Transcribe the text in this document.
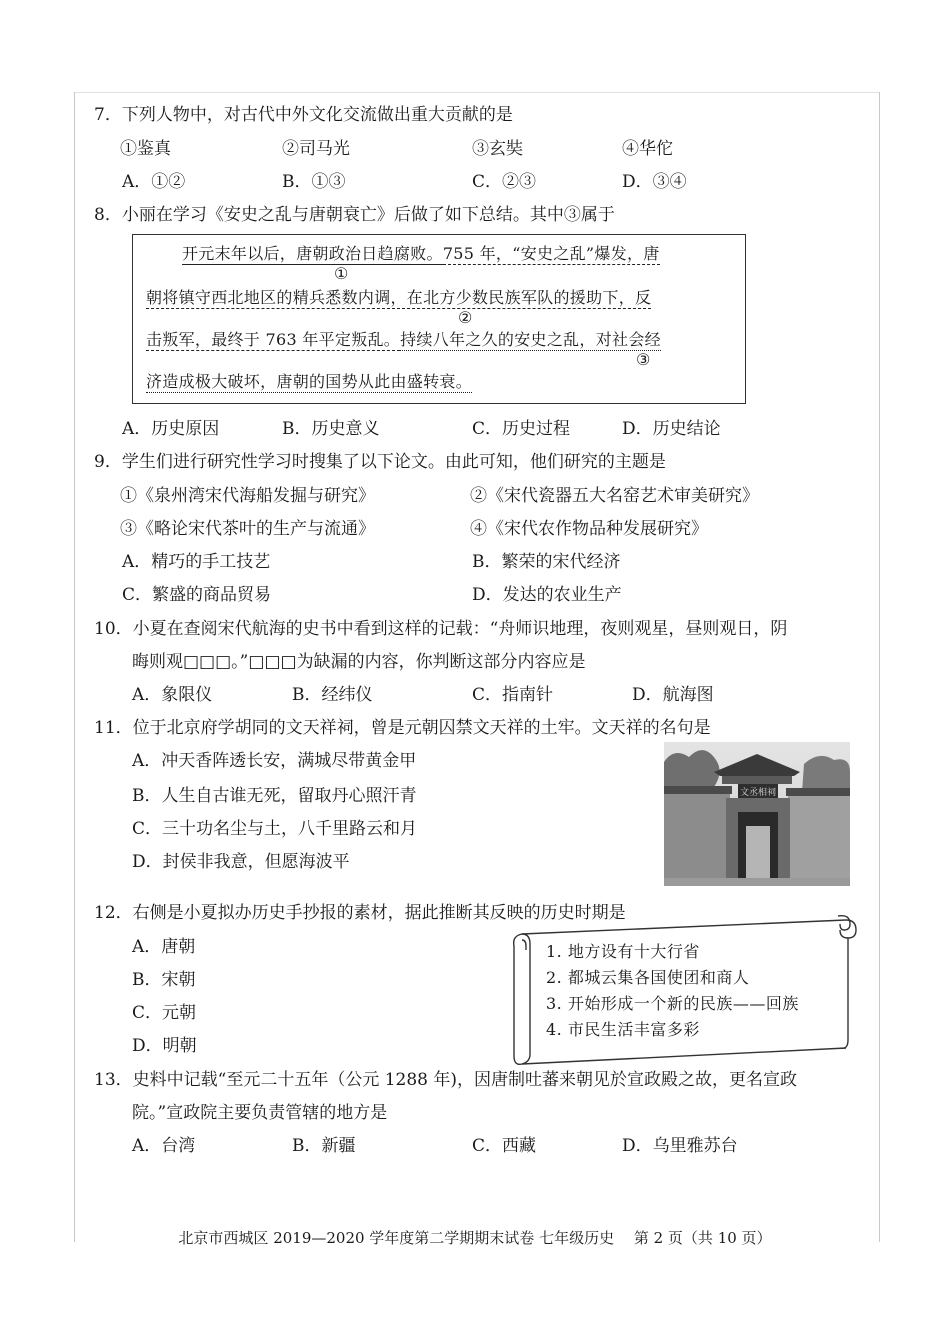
7．下列人物中，对古代中外文化交流做出重大贡献的是
①鉴真	②司马光	③玄奘	④华佗
A．①②	B．①③	C．②③	D．③④
8．小丽在学习《安史之乱与唐朝衰亡》后做了如下总结。其中③属于
开元末年以后，唐朝政治日趋腐败。755 年，“安史之乱”爆发，唐
①
朝将镇守西北地区的精兵悉数内调，在北方少数民族军队的援助下，反
②
击叛军，最终于 763 年平定叛乱。持续八年之久的安史之乱，对社会经
③
济造成极大破坏，唐朝的国势从此由盛转衰。
A．历史原因	B．历史意义	C．历史过程	D．历史结论
9．学生们进行研究性学习时搜集了以下论文。由此可知，他们研究的主题是
①《泉州湾宋代海船发掘与研究》	②《宋代瓷器五大名窑艺术审美研究》
③《略论宋代茶叶的生产与流通》	④《宋代农作物品种发展研究》
A．精巧的手工技艺	B．繁荣的宋代经济
C．繁盛的商品贸易	D．发达的农业生产
10．小夏在查阅宋代航海的史书中看到这样的记载：“舟师识地理，夜则观星，昼则观日，阴
晦则观□□□。”□□□为缺漏的内容，你判断这部分内容应是
A．象限仪	B．经纬仪	C．指南针	D．航海图
11．位于北京府学胡同的文天祥祠，曾是元朝囚禁文天祥的土牢。文天祥的名句是
A．冲天香阵透长安，满城尽带黄金甲
B．人生自古谁无死，留取丹心照汗青
C．三十功名尘与土，八千里路云和月
D．封侯非我意，但愿海波平
文丞相祠
12．右侧是小夏拟办历史手抄报的素材，据此推断其反映的历史时期是
A．唐朝
B．宋朝
C．元朝
D．明朝
1. 地方设有十大行省
2. 都城云集各国使团和商人
3. 开始形成一个新的民族——回族
4. 市民生活丰富多彩
13．史料中记载“至元二十五年（公元 1288 年)，因唐制吐蕃来朝见於宣政殿之故，更名宣政
院。”宣政院主要负责管辖的地方是
A．台湾	B．新疆	C．西藏	D．乌里雅苏台
北京市西城区 2019—2020 学年度第二学期期末试卷 七年级历史　 第 2 页（共 10 页）
